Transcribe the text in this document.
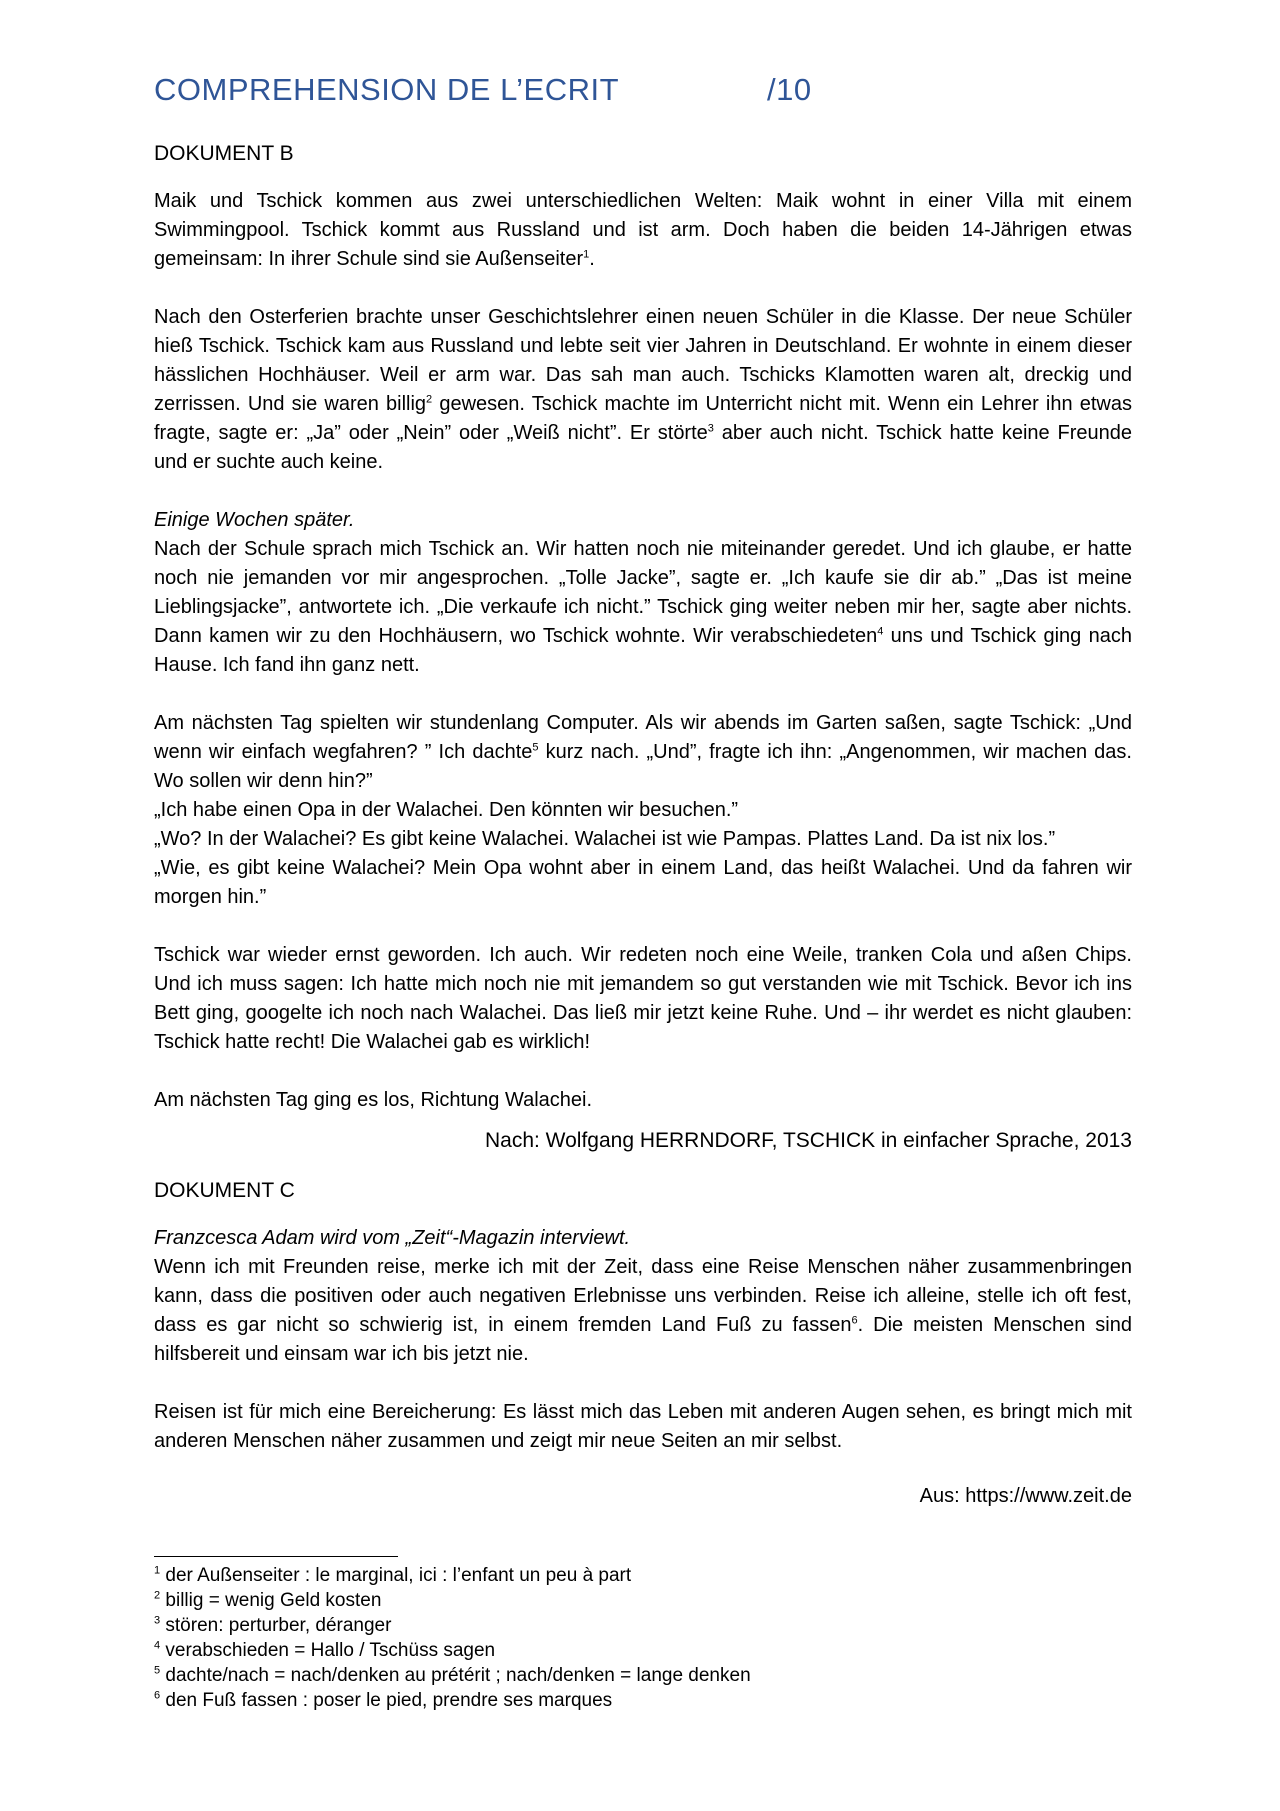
COMPREHENSION DE L’ECRIT	/10
DOKUMENT B

Maik und Tschick kommen aus zwei unterschiedlichen Welten: Maik wohnt in einer Villa mit einem Swimmingpool. Tschick kommt aus Russland und ist arm. Doch haben die beiden 14-Jährigen etwas gemeinsam: In ihrer Schule sind sie Außenseiter$^1$.

Nach den Osterferien brachte unser Geschichtslehrer einen neuen Schüler in die Klasse. Der neue Schüler hieß Tschick. Tschick kam aus Russland und lebte seit vier Jahren in Deutschland. Er wohnte in einem dieser hässlichen Hochhäuser. Weil er arm war. Das sah man auch. Tschicks Klamotten waren alt, dreckig und zerrissen. Und sie waren billig$^2$ gewesen. Tschick machte im Unterricht nicht mit. Wenn ein Lehrer ihn etwas fragte, sagte er: „Ja” oder „Nein” oder „Weiß nicht”. Er störte$^3$ aber auch nicht. Tschick hatte keine Freunde und er suchte auch keine.

Einige Wochen später.

Nach der Schule sprach mich Tschick an. Wir hatten noch nie miteinander geredet. Und ich glaube, er hatte noch nie jemanden vor mir angesprochen. „Tolle Jacke”, sagte er. „Ich kaufe sie dir ab.” „Das ist meine Lieblingsjacke”, antwortete ich. „Die verkaufe ich nicht.” Tschick ging weiter neben mir her, sagte aber nichts. Dann kamen wir zu den Hochhäusern, wo Tschick wohnte. Wir verabschiedeten$^4$ uns und Tschick ging nach Hause. Ich fand ihn ganz nett.

Am nächsten Tag spielten wir stundenlang Computer. Als wir abends im Garten saßen, sagte Tschick: „Und wenn wir einfach wegfahren? ” Ich dachte$^5$ kurz nach. „Und”, fragte ich ihn: „Angenommen, wir machen das. Wo sollen wir denn hin?”

„Ich habe einen Opa in der Walachei. Den könnten wir besuchen.”

„Wo? In der Walachei? Es gibt keine Walachei. Walachei ist wie Pampas. Plattes Land. Da ist nix los.”

„Wie, es gibt keine Walachei? Mein Opa wohnt aber in einem Land, das heißt Walachei. Und da fahren wir morgen hin.”

Tschick war wieder ernst geworden. Ich auch. Wir redeten noch eine Weile, tranken Cola und aßen Chips. Und ich muss sagen: Ich hatte mich noch nie mit jemandem so gut verstanden wie mit Tschick. Bevor ich ins Bett ging, googelte ich noch nach Walachei. Das ließ mir jetzt keine Ruhe. Und – ihr werdet es nicht glauben: Tschick hatte recht! Die Walachei gab es wirklich!

Am nächsten Tag ging es los, Richtung Walachei.

Nach: Wolfgang HERRNDORF, TSCHICK in einfacher Sprache, 2013
DOKUMENT C

Franzcesca Adam wird vom „Zeit“-Magazin interviewt.

Wenn ich mit Freunden reise, merke ich mit der Zeit, dass eine Reise Menschen näher zusammenbringen kann, dass die positiven oder auch negativen Erlebnisse uns verbinden. Reise ich alleine, stelle ich oft fest, dass es gar nicht so schwierig ist, in einem fremden Land Fuß zu fassen$^6$. Die meisten Menschen sind hilfsbereit und einsam war ich bis jetzt nie.

Reisen ist für mich eine Bereicherung: Es lässt mich das Leben mit anderen Augen sehen, es bringt mich mit anderen Menschen näher zusammen und zeigt mir neue Seiten an mir selbst.

Aus: https://www.zeit.de
$^1$ der Außenseiter : le marginal, ici : l’enfant un peu à part
$^2$ billig = wenig Geld kosten
$^3$ stören: perturber, déranger
$^4$ verabschieden = Hallo / Tschüss sagen
$^5$ dachte/nach = nach/denken au prétérit ; nach/denken = lange denken
$^6$ den Fuß fassen : poser le pied, prendre ses marques
